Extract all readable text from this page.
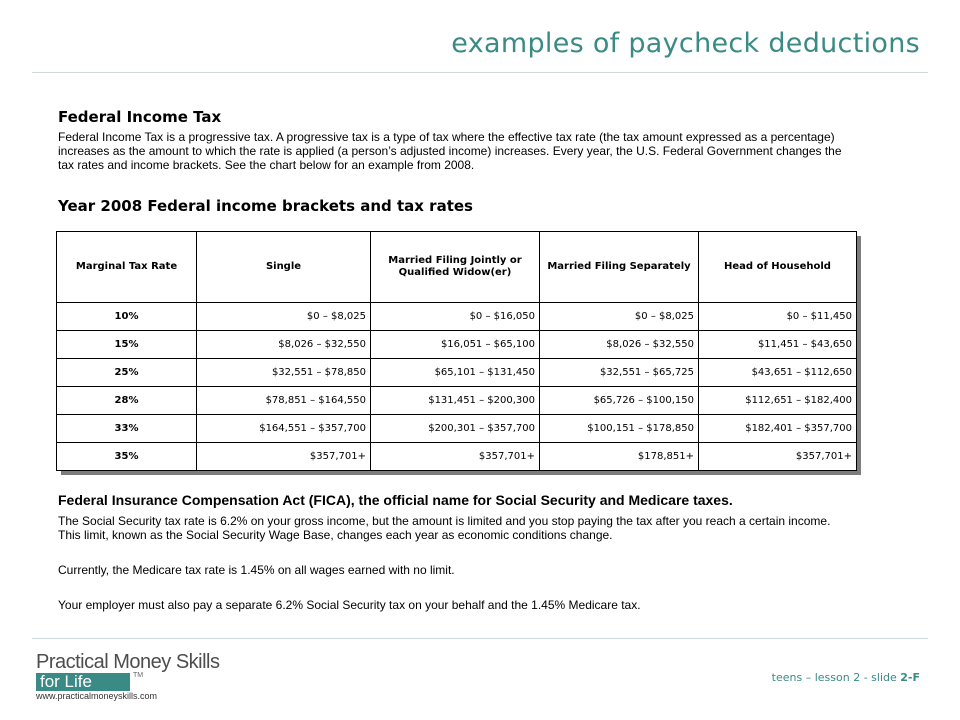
examples of paycheck deductions
Federal Income Tax
Federal Income Tax is a progressive tax. A progressive tax is a type of tax where the effective tax rate (the tax amount expressed as a percentage) increases as the amount to which the rate is applied (a person’s adjusted income) increases. Every year, the U.S. Federal Government changes the tax rates and income brackets. See the chart below for an example from 2008.
Year 2008 Federal income brackets and tax rates
Marginal Tax Rate	Single	Married Filing Jointly or Qualified Widow(er)	Married Filing Separately	Head of Household
10%	$0 – $8,025	$0 – $16,050	$0 – $8,025	$0 – $11,450
15%	$8,026 – $32,550	$16,051 – $65,100	$8,026 – $32,550	$11,451 – $43,650
25%	$32,551 – $78,850	$65,101 – $131,450	$32,551 – $65,725	$43,651 – $112,650
28%	$78,851 – $164,550	$131,451 – $200,300	$65,726 – $100,150	$112,651 – $182,400
33%	$164,551 – $357,700	$200,301 – $357,700	$100,151 – $178,850	$182,401 – $357,700
35%	$357,701+	$357,701+	$178,851+	$357,701+
Federal Insurance Compensation Act (FICA), the official name for Social Security and Medicare taxes.
The Social Security tax rate is 6.2% on your gross income, but the amount is limited and you stop paying the tax after you reach a certain income. This limit, known as the Social Security Wage Base, changes each year as economic conditions change.
Currently, the Medicare tax rate is 1.45% on all wages earned with no limit.
Your employer must also pay a separate 6.2% Social Security tax on your behalf and the 1.45% Medicare tax.
Practical Money Skills
for Life	TM
www.practicalmoneyskills.com
teens – lesson 2 - slide 2-F
